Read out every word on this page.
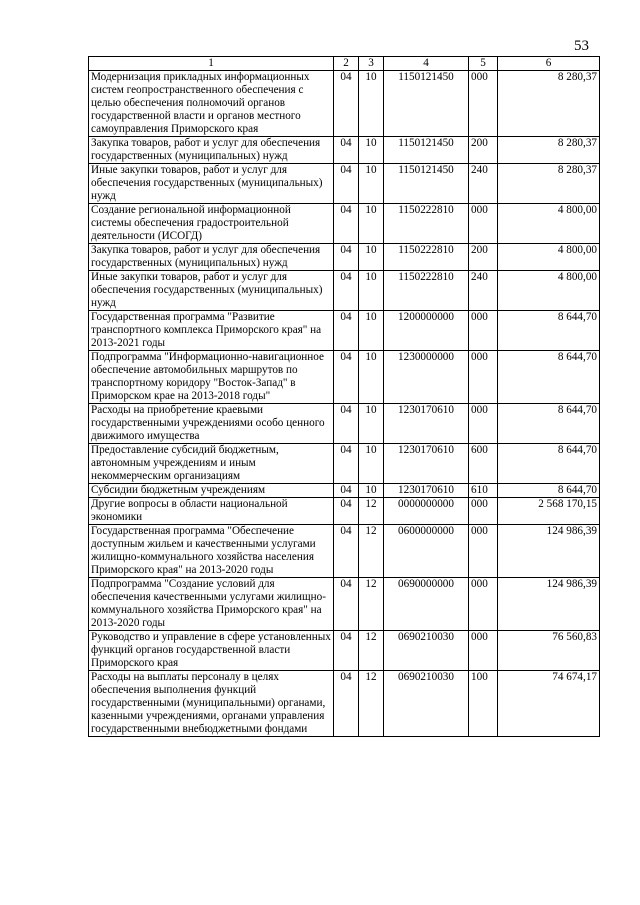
53
1	2	3	4	5	6
Модернизация прикладных информационных систем геопространственного обеспечения с целью обеспечения полномочий органов государственной власти и органов местного самоуправления Приморского края	04	10	1150121450	000	8 280,37
Закупка товаров, работ и услуг для обеспечения государственных (муниципальных) нужд	04	10	1150121450	200	8 280,37
Иные закупки товаров, работ и услуг для обеспечения государственных (муниципальных) нужд	04	10	1150121450	240	8 280,37
Создание региональной информационной системы обеспечения градостроительной деятельности (ИСОГД)	04	10	1150222810	000	4 800,00
Закупка товаров, работ и услуг для обеспечения государственных (муниципальных) нужд	04	10	1150222810	200	4 800,00
Иные закупки товаров, работ и услуг для обеспечения государственных (муниципальных) нужд	04	10	1150222810	240	4 800,00
Государственная программа "Развитие транспортного комплекса Приморского края" на 2013-2021 годы	04	10	1200000000	000	8 644,70
Подпрограмма "Информационно-навигационное обеспечение автомобильных маршрутов по транспортному коридору "Восток-Запад" в Приморском крае на 2013-2018 годы"	04	10	1230000000	000	8 644,70
Расходы на приобретение краевыми государственными учреждениями особо ценного движимого имущества	04	10	1230170610	000	8 644,70
Предоставление субсидий бюджетным, автономным учреждениям и иным некоммерческим организациям	04	10	1230170610	600	8 644,70
Субсидии бюджетным учреждениям	04	10	1230170610	610	8 644,70
Другие вопросы в области национальной экономики	04	12	0000000000	000	2 568 170,15
Государственная программа "Обеспечение доступным жильем и качественными услугами жилищно-коммунального хозяйства населения Приморского края" на 2013-2020 годы	04	12	0600000000	000	124 986,39
Подпрограмма "Создание условий для обеспечения качественными услугами жилищно-коммунального хозяйства Приморского края" на 2013-2020 годы	04	12	0690000000	000	124 986,39
Руководство и управление в сфере установленных функций органов государственной власти Приморского края	04	12	0690210030	000	76 560,83
Расходы на выплаты персоналу в целях обеспечения выполнения функций государственными (муниципальными) органами, казенными учреждениями, органами управления государственными внебюджетными фондами	04	12	0690210030	100	74 674,17
